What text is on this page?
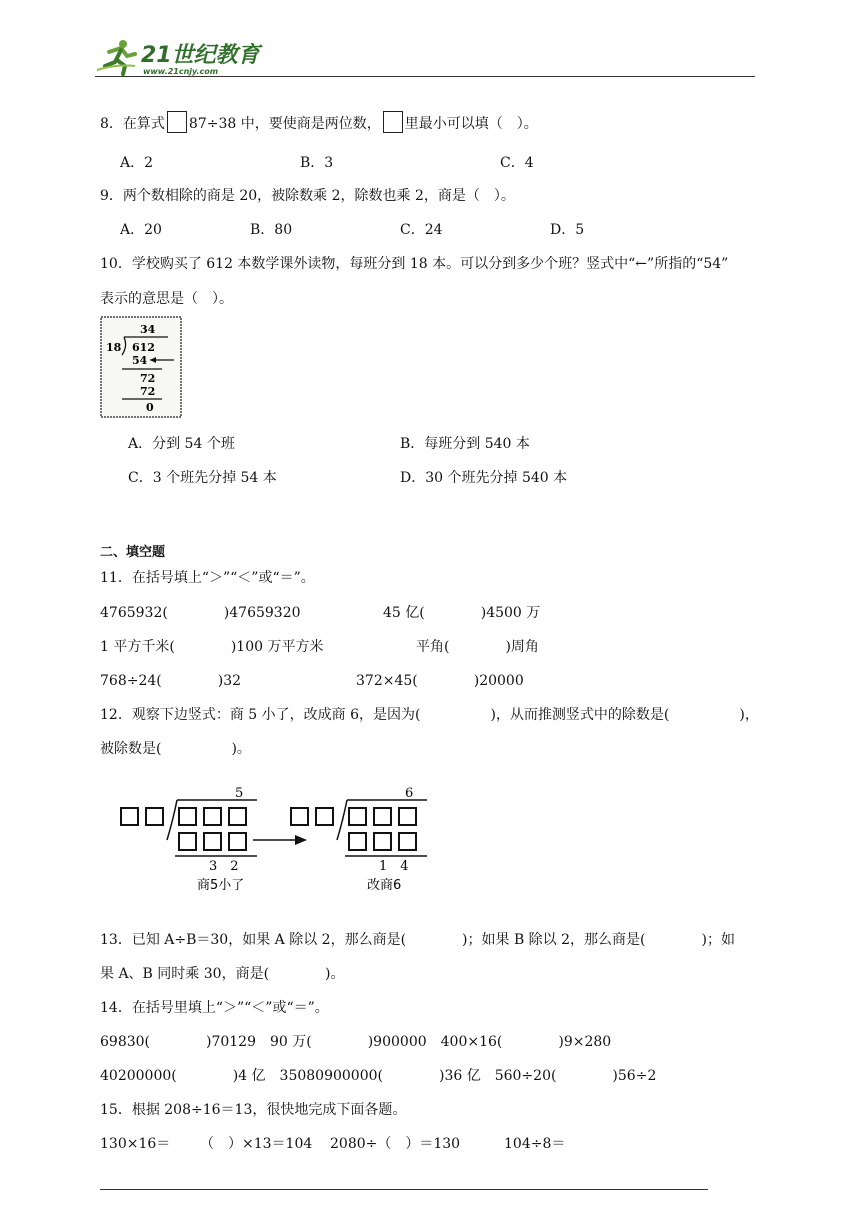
21世纪教育
www.21cnjy.com
8．在算式 87÷38 中，要使商是两位数， 里最小可以填（　）。
A．2	B．3	C．4
9．两个数相除的商是 20，被除数乘 2，除数也乘 2，商是（　）。
A．20	B．80	C．24	D．5
10．学校购买了 612 本数学课外读物，每班分到 18 本。可以分到多少个班？竖式中“←”所指的“54”
表示的意思是（　）。
34
18 612
54
72
72
0
A．分到 54 个班	B．每班分到 540 本
C．3 个班先分掉 54 本	D．30 个班先分掉 540 本
二、填空题
11．在括号填上“＞”“＜”或“＝”。
4765932(　　　　)47659320	45 亿(　　　　)4500 万
1 平方千米(　　　　)100 万平方米	平角(　　　　)周角
768÷24(　　　　)32	372×45(　　　　)20000
12．观察下边竖式：商 5 小了，改成商 6，是因为(　　　　　)，从而推测竖式中的除数是(　　　　　)，
被除数是(　　　　　)。
5
3　2
商5小了
6
1　4
改商6
13．已知 A÷B＝30，如果 A 除以 2，那么商是(　　　　)；如果 B 除以 2，那么商是(　　　　)；如
果 A、B 同时乘 30，商是(　　　　)。
14．在括号里填上“＞”“＜”或“＝”。
69830(　　　　)70129　90 万(　　　　)900000　400×16(　　　　)9×280
40200000(　　　　)4 亿　35080900000(　　　　)36 亿　560÷20(　　　　)56÷2
15．根据 208÷16＝13，很快地完成下面各题。
130×16＝ （　）×13＝104 2080÷（　）＝130	104÷8＝
